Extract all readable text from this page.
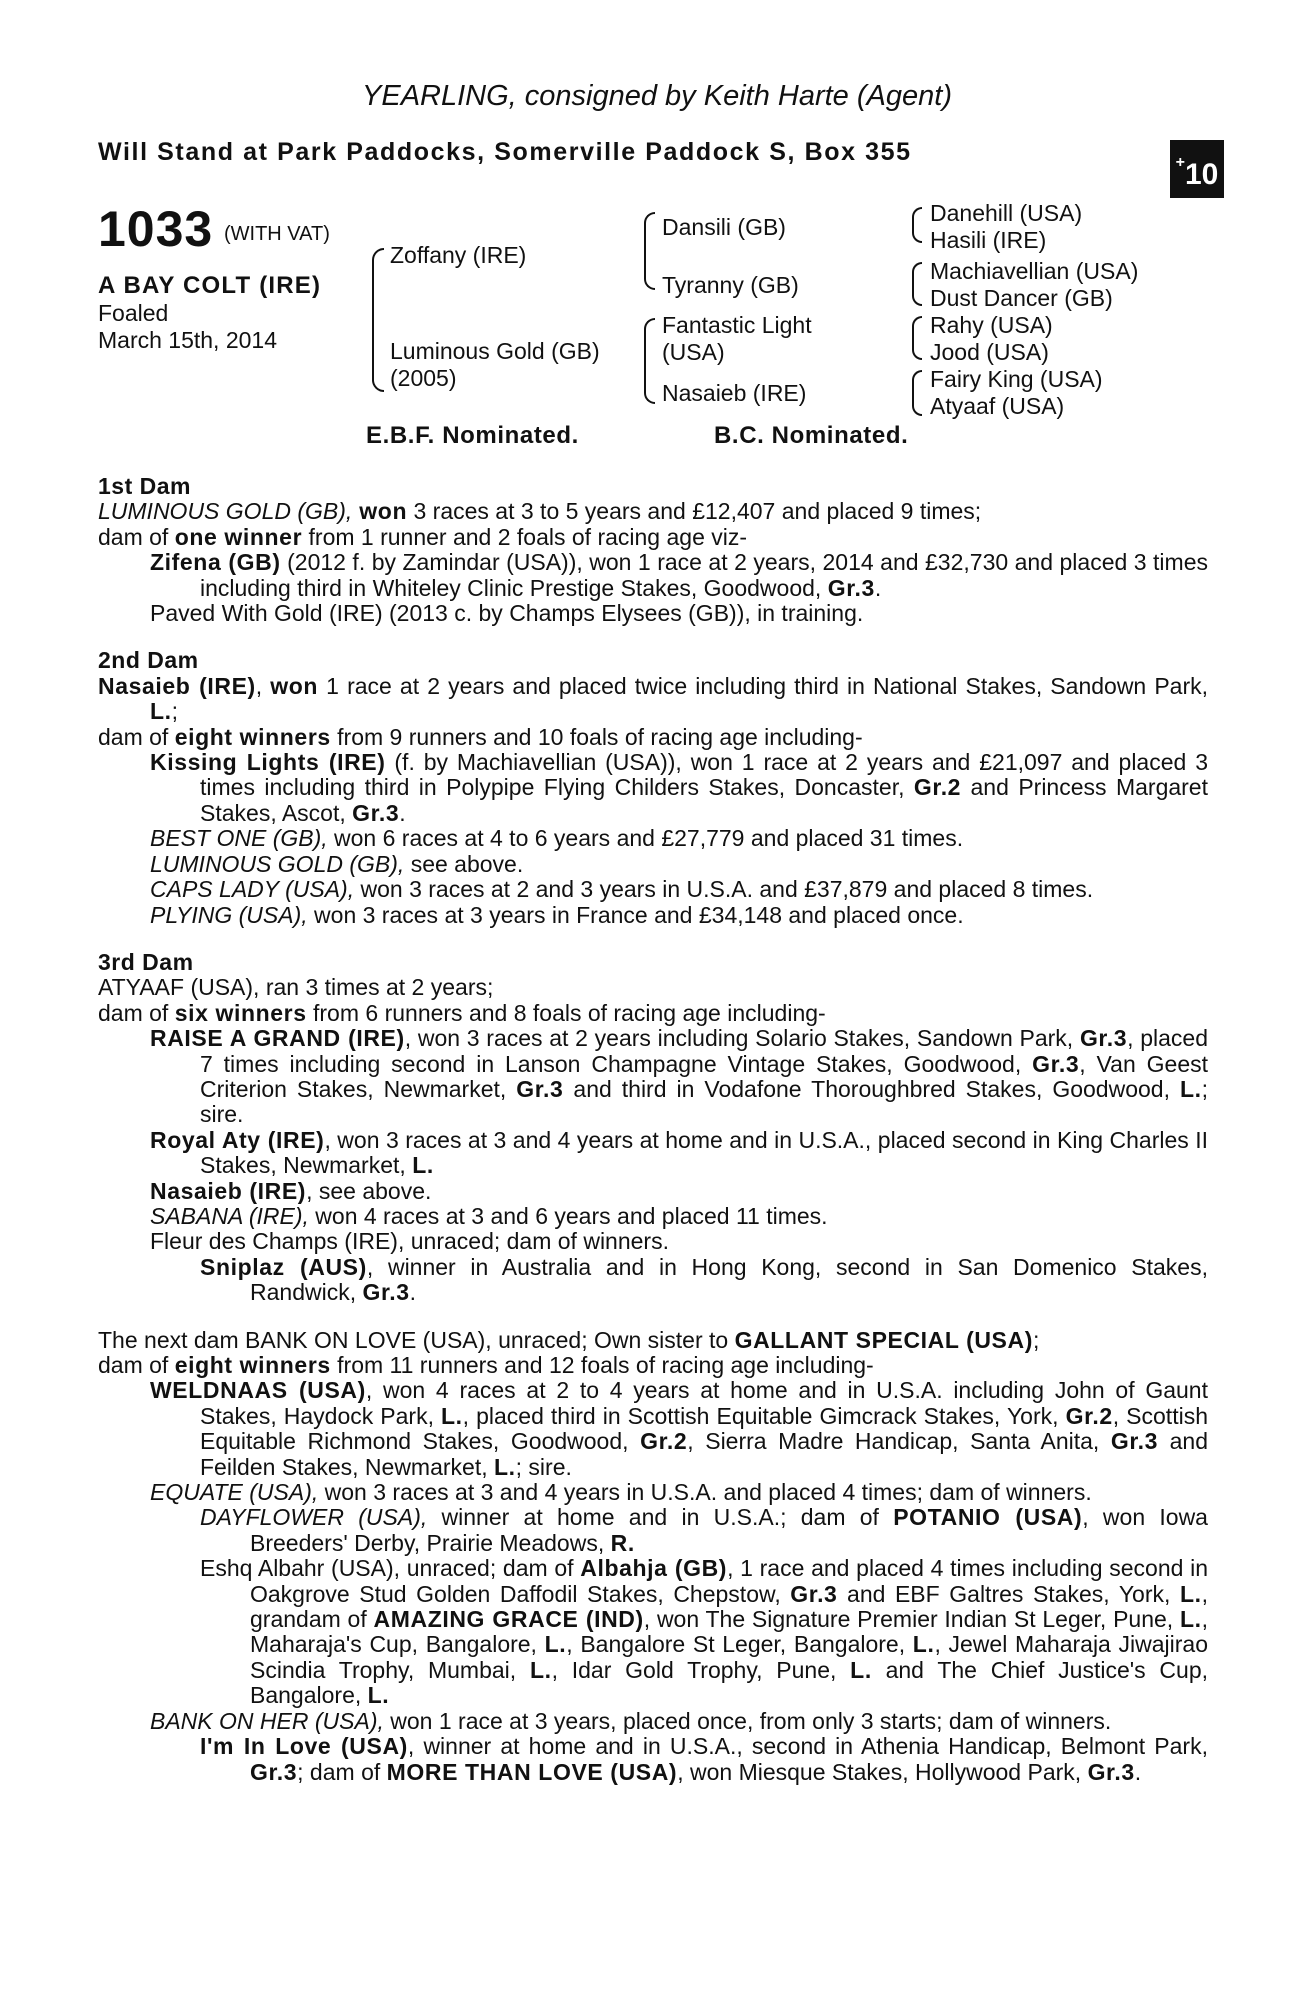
YEARLING, consigned by Keith Harte (Agent)
Will Stand at Park Paddocks, Somerville Paddock S, Box 355	+10
1033 (WITH VAT)
A BAY COLT (IRE)
Foaled
March 15th, 2014
Zoffany (IRE)
Luminous Gold (GB)
(2005)
Dansili (GB)
Tyranny (GB)
Fantastic Light
(USA)
Nasaieb (IRE)
Danehill (USA)
Hasili (IRE)
Machiavellian (USA)
Dust Dancer (GB)
Rahy (USA)
Jood (USA)
Fairy King (USA)
Atyaaf (USA)
E.B.F. Nominated.	B.C. Nominated.
1st Dam
LUMINOUS GOLD (GB), won 3 races at 3 to 5 years and £12,407 and placed 9 times;
dam of one winner from 1 runner and 2 foals of racing age viz-
Zifena (GB) (2012 f. by Zamindar (USA)), won 1 race at 2 years, 2014 and £32,730 and placed 3 times including third in Whiteley Clinic Prestige Stakes, Goodwood, Gr.3.
Paved With Gold (IRE) (2013 c. by Champs Elysees (GB)), in training.
2nd Dam
Nasaieb (IRE), won 1 race at 2 years and placed twice including third in National Stakes, Sandown Park, L.;
dam of eight winners from 9 runners and 10 foals of racing age including-
Kissing Lights (IRE) (f. by Machiavellian (USA)), won 1 race at 2 years and £21,097 and placed 3 times including third in Polypipe Flying Childers Stakes, Doncaster, Gr.2 and Princess Margaret Stakes, Ascot, Gr.3.
BEST ONE (GB), won 6 races at 4 to 6 years and £27,779 and placed 31 times.
LUMINOUS GOLD (GB), see above.
CAPS LADY (USA), won 3 races at 2 and 3 years in U.S.A. and £37,879 and placed 8 times.
PLYING (USA), won 3 races at 3 years in France and £34,148 and placed once.
3rd Dam
ATYAAF (USA), ran 3 times at 2 years;
dam of six winners from 6 runners and 8 foals of racing age including-
RAISE A GRAND (IRE), won 3 races at 2 years including Solario Stakes, Sandown Park, Gr.3, placed 7 times including second in Lanson Champagne Vintage Stakes, Goodwood, Gr.3, Van Geest Criterion Stakes, Newmarket, Gr.3 and third in Vodafone Thoroughbred Stakes, Goodwood, L.; sire.
Royal Aty (IRE), won 3 races at 3 and 4 years at home and in U.S.A., placed second in King Charles II Stakes, Newmarket, L.
Nasaieb (IRE), see above.
SABANA (IRE), won 4 races at 3 and 6 years and placed 11 times.
Fleur des Champs (IRE), unraced; dam of winners.
Sniplaz (AUS), winner in Australia and in Hong Kong, second in San Domenico Stakes, Randwick, Gr.3.
The next dam BANK ON LOVE (USA), unraced; Own sister to GALLANT SPECIAL (USA);
dam of eight winners from 11 runners and 12 foals of racing age including-
WELDNAAS (USA), won 4 races at 2 to 4 years at home and in U.S.A. including John of Gaunt Stakes, Haydock Park, L., placed third in Scottish Equitable Gimcrack Stakes, York, Gr.2, Scottish Equitable Richmond Stakes, Goodwood, Gr.2, Sierra Madre Handicap, Santa Anita, Gr.3 and Feilden Stakes, Newmarket, L.; sire.
EQUATE (USA), won 3 races at 3 and 4 years in U.S.A. and placed 4 times; dam of winners.
DAYFLOWER (USA), winner at home and in U.S.A.; dam of POTANIO (USA), won Iowa Breeders' Derby, Prairie Meadows, R.
Eshq Albahr (USA), unraced; dam of Albahja (GB), 1 race and placed 4 times including second in Oakgrove Stud Golden Daffodil Stakes, Chepstow, Gr.3 and EBF Galtres Stakes, York, L., grandam of AMAZING GRACE (IND), won The Signature Premier Indian St Leger, Pune, L., Maharaja's Cup, Bangalore, L., Bangalore St Leger, Bangalore, L., Jewel Maharaja Jiwajirao Scindia Trophy, Mumbai, L., Idar Gold Trophy, Pune, L. and The Chief Justice's Cup, Bangalore, L.
BANK ON HER (USA), won 1 race at 3 years, placed once, from only 3 starts; dam of winners.
I'm In Love (USA), winner at home and in U.S.A., second in Athenia Handicap, Belmont Park, Gr.3; dam of MORE THAN LOVE (USA), won Miesque Stakes, Hollywood Park, Gr.3.
